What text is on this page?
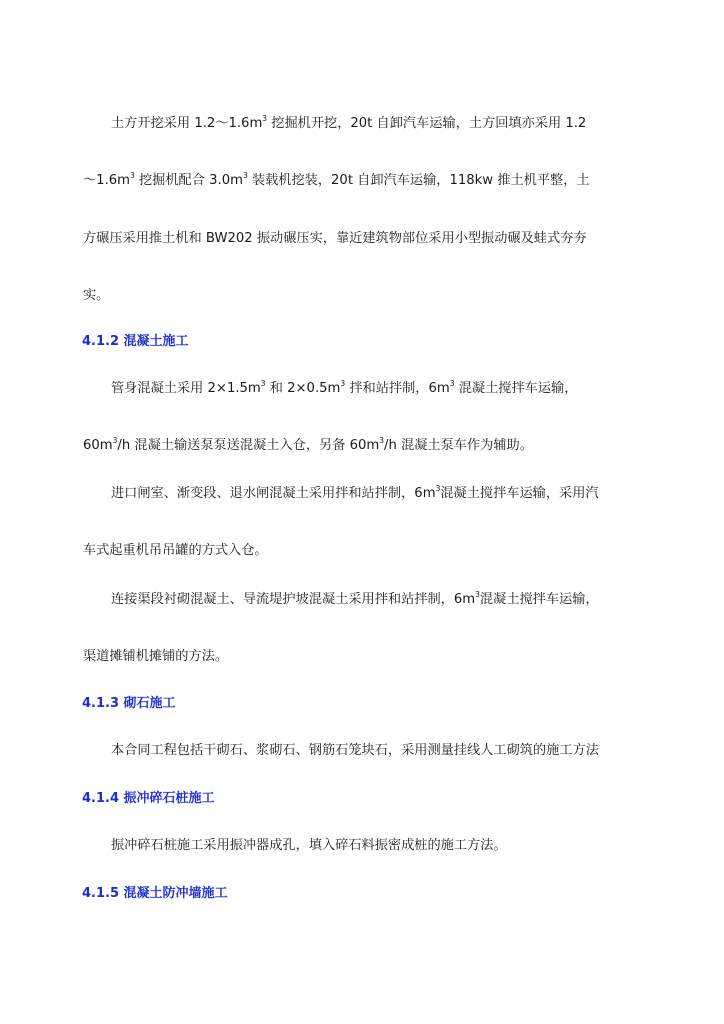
土方开挖采用 $1.2\sim 1.6m^3$ 挖掘机开挖，20t 自卸汽车运输，土方回填亦采用 1.2
$\sim 1.6m^3$ 挖掘机配合 $3.0m^3$ 装载机挖装，20t 自卸汽车运输，118kw 推土机平整，土
方碾压采用推土机和 BW202 振动碾压实，靠近建筑物部位采用小型振动碾及蛙式夯夯
实。
4.1.2 混凝土施工
管身混凝土采用 $2\times 1.5m^3$ 和 $2\times 0.5m^3$ 拌和站拌制，$6m^3$ 混凝土搅拌车运输，
$60m^3/h$ 混凝土输送泵泵送混凝土入仓，另备 $60m^3/h$ 混凝土泵车作为辅助。
进口闸室、渐变段、退水闸混凝土采用拌和站拌制，$6m^3$混凝土搅拌车运输，采用汽
车式起重机吊吊罐的方式入仓。
连接渠段衬砌混凝土、导流堤护坡混凝土采用拌和站拌制，$6m^3$混凝土搅拌车运输，
渠道摊铺机摊铺的方法。
4.1.3 砌石施工
本合同工程包括干砌石、浆砌石、钢筋石笼块石，采用测量挂线人工砌筑的施工方法
4.1.4 振冲碎石桩施工
振冲碎石桩施工采用振冲器成孔，填入碎石料振密成桩的施工方法。
4.1.5 混凝土防冲墙施工
